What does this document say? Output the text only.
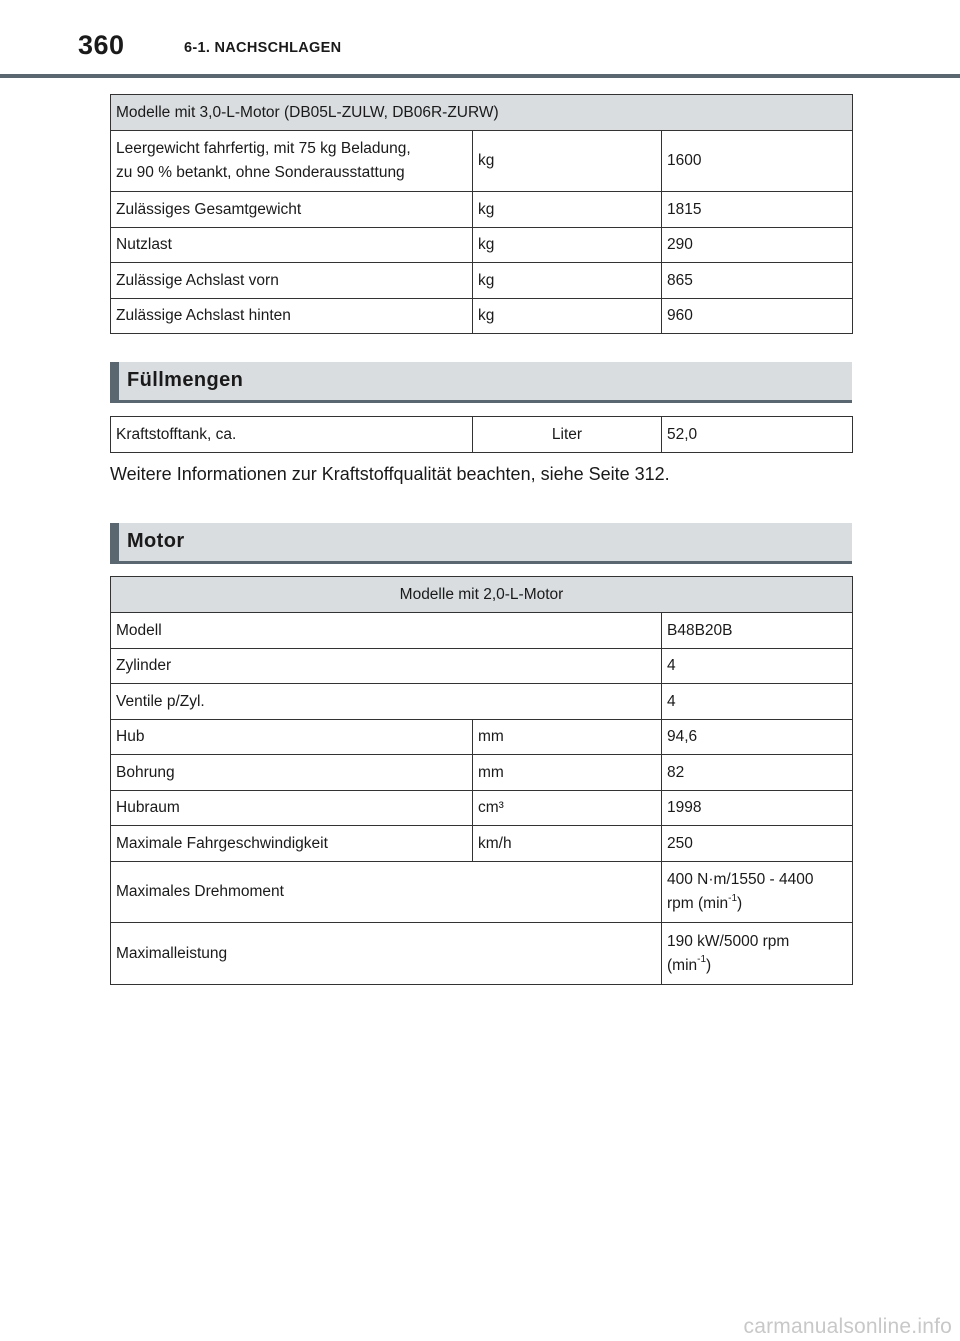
360	6-1. NACHSCHLAGEN
Modelle mit 3,0-L-Motor (DB05L-ZULW, DB06R-ZURW)		
Leergewicht fahrfertig, mit 75 kg Beladung,
zu 90 % betankt, ohne Sonderausstattung	kg	1600
Zulässiges Gesamtgewicht	kg	1815
Nutzlast	kg	290
Zulässige Achslast vorn	kg	865
Zulässige Achslast hinten	kg	960
Füllmengen
Kraftstofftank, ca.	Liter	52,0
Weitere Informationen zur Kraftstoffqualität beachten, siehe Seite 312.
Motor
Modelle mit 2,0-L-Motor		
Modell		B48B20B
Zylinder		4
Ventile p/Zyl.		4
Hub	mm	94,6
Bohrung	mm	82
Hubraum	cm³	1998
Maximale Fahrgeschwindigkeit	km/h	250
Maximales Drehmoment		400 N·m/1550 - 4400
rpm $(\min^{-1})$
Maximalleistung		190 kW/5000 rpm
$(\min^{-1})$
carmanualsonline.info
